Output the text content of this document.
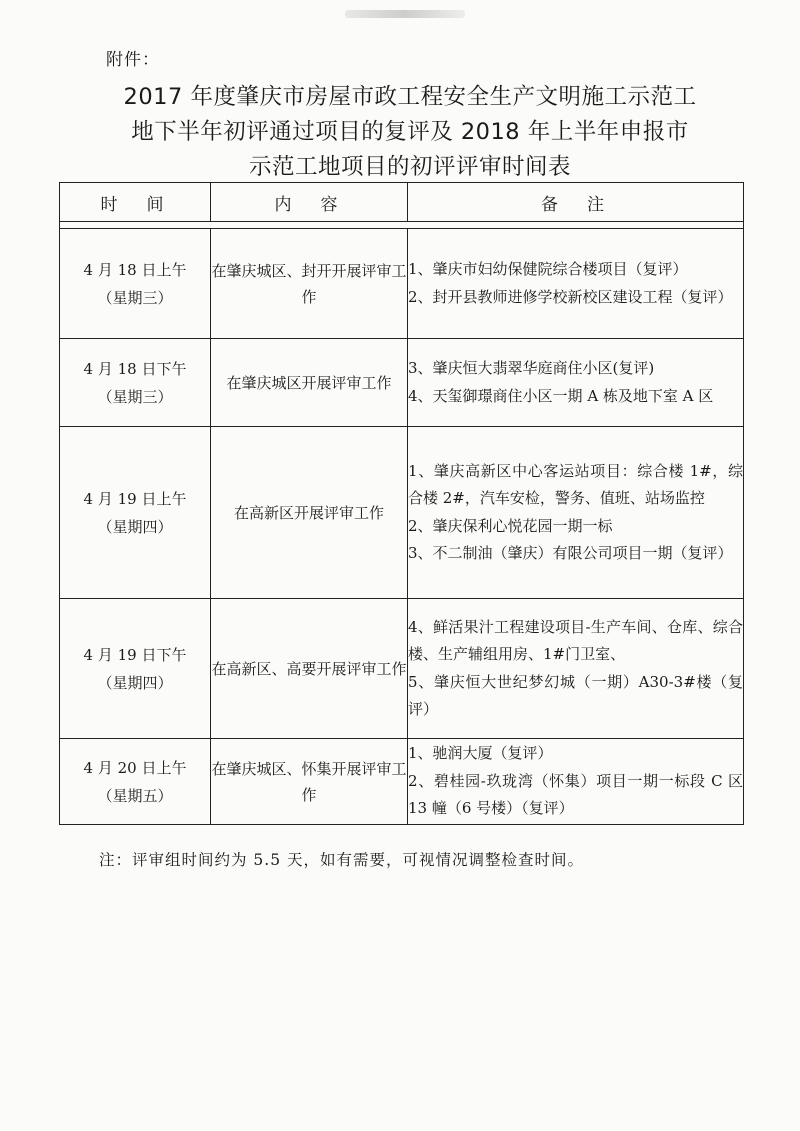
附件：
2017 年度肇庆市房屋市政工程安全生产文明施工示范工
地下半年初评通过项目的复评及 2018 年上半年申报市
示范工地项目的初评评审时间表
时　间	内　容	备　注

4 月 18 日上午
（星期三）	在肇庆城区、封开开展评审工作	1、肇庆市妇幼保健院综合楼项目（复评）
2、封开县教师进修学校新校区建设工程（复评）

4 月 18 日下午
（星期三）	在肇庆城区开展评审工作	3、肇庆恒大翡翠华庭商住小区(复评)
4、天玺御璟商住小区一期 A 栋及地下室 A 区

4 月 19 日上午
（星期四）	在高新区开展评审工作	1、肇庆高新区中心客运站项目：综合楼 1#，综合楼 2#，汽车安检，警务、值班、站场监控
2、肇庆保利心悦花园一期一标
3、不二制油（肇庆）有限公司项目一期（复评）

4 月 19 日下午
（星期四）	在高新区、高要开展评审工作	4、鲜活果汁工程建设项目-生产车间、仓库、综合楼、生产辅组用房、1#门卫室、
5、肇庆恒大世纪梦幻城（一期）A30-3#楼（复评）

4 月 20 日上午
（星期五）	在肇庆城区、怀集开展评审工作	1、驰润大厦（复评）
2、碧桂园-玖珑湾（怀集）项目一期一标段 C 区 13 幢（6 号楼）（复评）
注：评审组时间约为 5.5 天，如有需要，可视情况调整检查时间。
